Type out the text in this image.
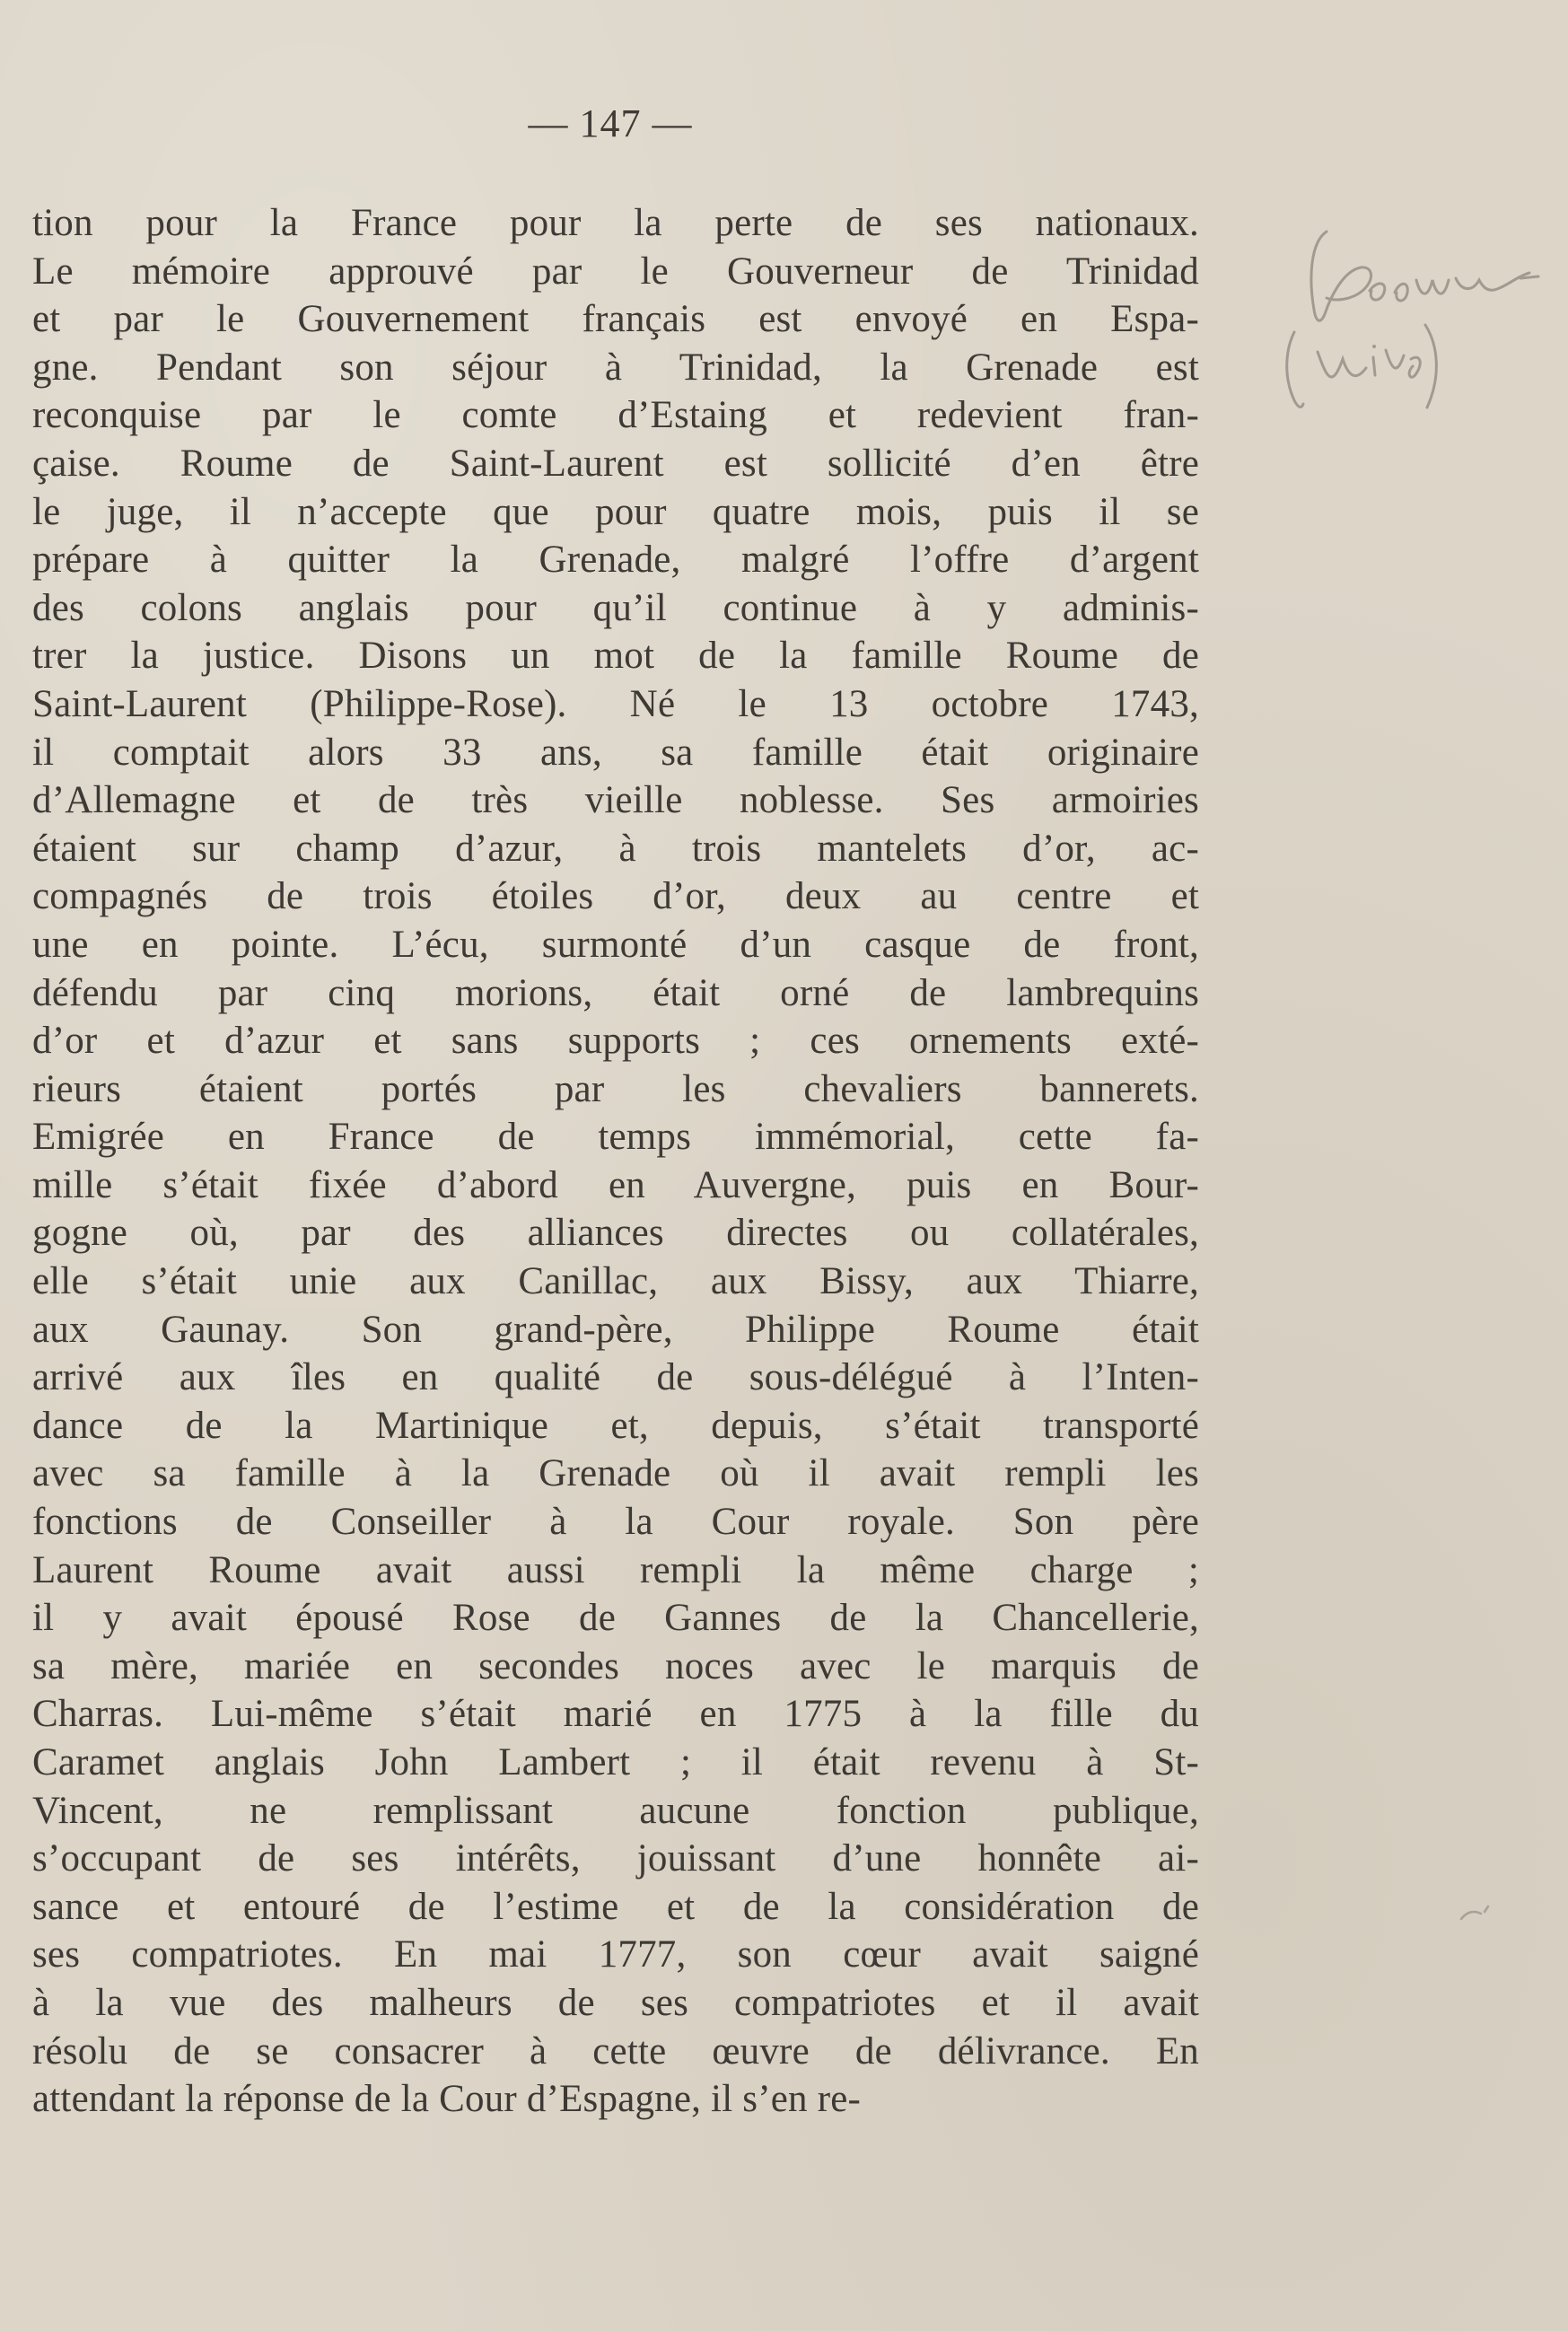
— 147 —
tion pour la France pour la perte de ses nationaux.
Le mémoire approuvé par le Gouverneur de Trinidad
et par le Gouvernement français est envoyé en Espa-
gne. Pendant son séjour à Trinidad, la Grenade est
reconquise par le comte d’Estaing et redevient fran-
çaise. Roume de Saint-Laurent est sollicité d’en être
le juge, il n’accepte que pour quatre mois, puis il se
prépare à quitter la Grenade, malgré l’offre d’argent
des colons anglais pour qu’il continue à y adminis-
trer la justice. Disons un mot de la famille Roume de
Saint-Laurent (Philippe-Rose). Né le 13 octobre 1743,
il comptait alors 33 ans, sa famille était originaire
d’Allemagne et de très vieille noblesse. Ses armoiries
étaient sur champ d’azur, à trois mantelets d’or, ac-
compagnés de trois étoiles d’or, deux au centre et
une en pointe. L’écu, surmonté d’un casque de front,
défendu par cinq morions, était orné de lambrequins
d’or et d’azur et sans supports ; ces ornements exté-
rieurs étaient portés par les chevaliers bannerets.
Emigrée en France de temps immémorial, cette fa-
mille s’était fixée d’abord en Auvergne, puis en Bour-
gogne où, par des alliances directes ou collatérales,
elle s’était unie aux Canillac, aux Bissy, aux Thiarre,
aux Gaunay. Son grand-père, Philippe Roume était
arrivé aux îles en qualité de sous-délégué à l’Inten-
dance de la Martinique et, depuis, s’était transporté
avec sa famille à la Grenade où il avait rempli les
fonctions de Conseiller à la Cour royale. Son père
Laurent Roume avait aussi rempli la même charge ;
il y avait épousé Rose de Gannes de la Chancellerie,
sa mère, mariée en secondes noces avec le marquis de
Charras. Lui-même s’était marié en 1775 à la fille du
Caramet anglais John Lambert ; il était revenu à St-
Vincent, ne remplissant aucune fonction publique,
s’occupant de ses intérêts, jouissant d’une honnête ai-
sance et entouré de l’estime et de la considération de
ses compatriotes. En mai 1777, son cœur avait saigné
à la vue des malheurs de ses compatriotes et il avait
résolu de se consacrer à cette œuvre de délivrance. En
attendant la réponse de la Cour d’Espagne, il s’en re-
